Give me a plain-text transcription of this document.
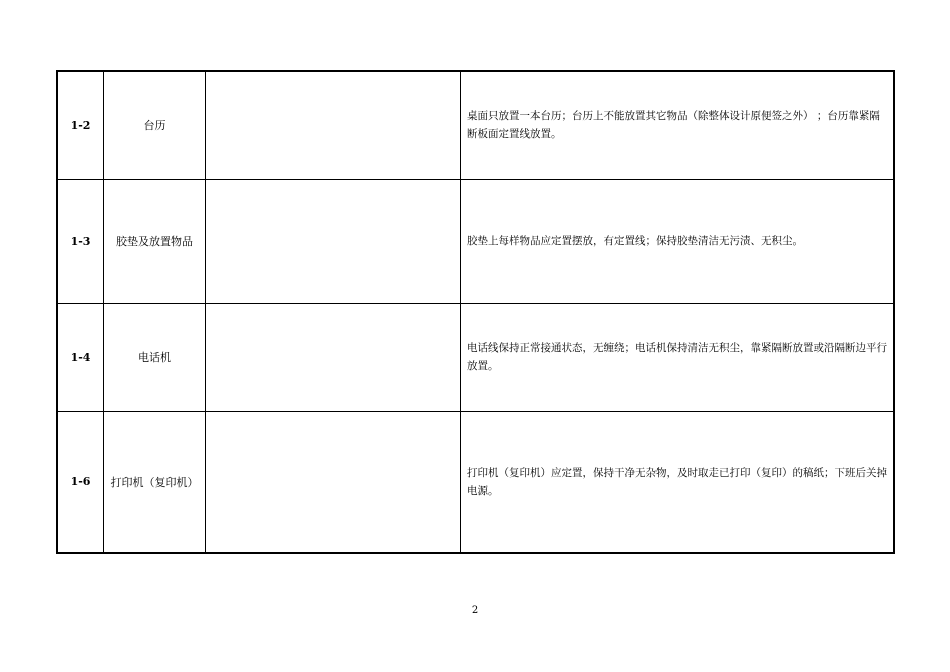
1-2	台历		桌面只放置一本台历；台历上不能放置其它物品（除整体设计原便签之外） ；台历靠紧隔断板面定置线放置。
1-3	胶垫及放置物品		胶垫上每样物品应定置摆放，有定置线；保持胶垫清洁无污渍、无积尘。
1-4	电话机		电话线保持正常接通状态，无缠绕；电话机保持清洁无积尘，靠紧隔断放置或沿隔断边平行放置。
1-6	打印机（复印机）		打印机（复印机）应定置，保持干净无杂物，及时取走已打印（复印）的稿纸；下班后关掉电源。
2
